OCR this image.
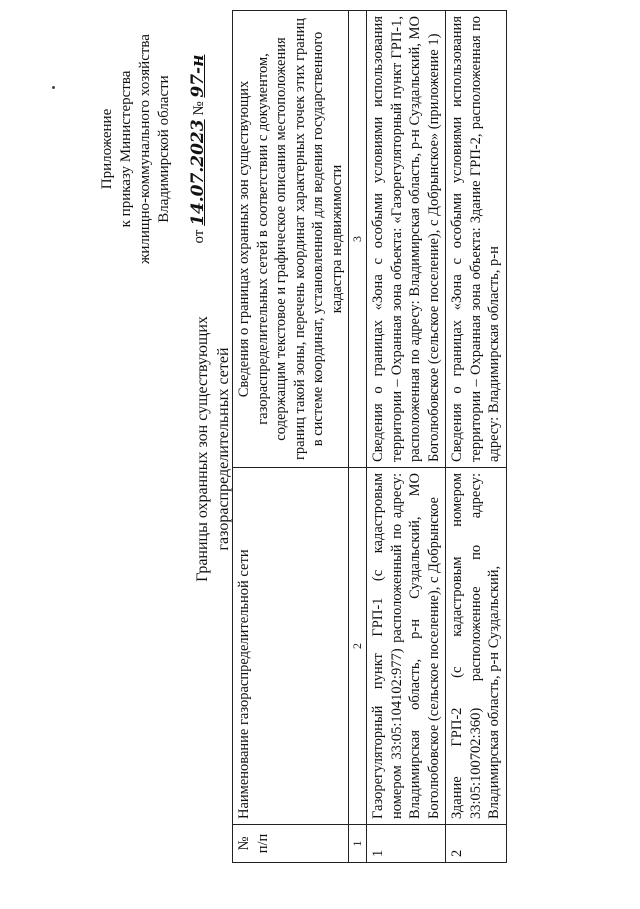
Приложение к приказу Министерства жилищно-коммунального хозяйства Владимирской области
от 14.07.2023 № 97-н
Границы охранных зон существующих газораспределительных сетей
№ п/п	Наименование газораспределительной сети	Сведения о границах охранных зон существующих газораспределительных сетей в соответствии с документом, содержащим текстовое и графическое описания местоположения границ такой зоны, перечень координат характерных точек этих границ в системе координат, установленной для ведения государственного кадастра недвижимости
1	2	3
1	Газорегуляторный пункт ГРП-1 (с кадастровым номером 33:05:104102:977) расположенный по адресу: Владимирская область, р-н Суздальский, МО Боголюбовское (сельское поселение), с Добрынское	Сведения о границах «Зона с особыми условиями использования территории – Охранная зона объекта: «Газорегуляторный пункт ГРП-1, расположенная по адресу: Владимирская область, р-н Суздальский, МО Боголюбовское (сельское поселение), с Добрынское» (приложение 1)
2	Здание ГРП-2 (с кадастровым номером 33:05:100702:360) расположенное по адресу: Владимирская область, р-н Суздальский,	Сведения о границах «Зона с особыми условиями использования территории – Охранная зона объекта: Здание ГРП-2, расположенная по адресу: Владимирская область, р-н
